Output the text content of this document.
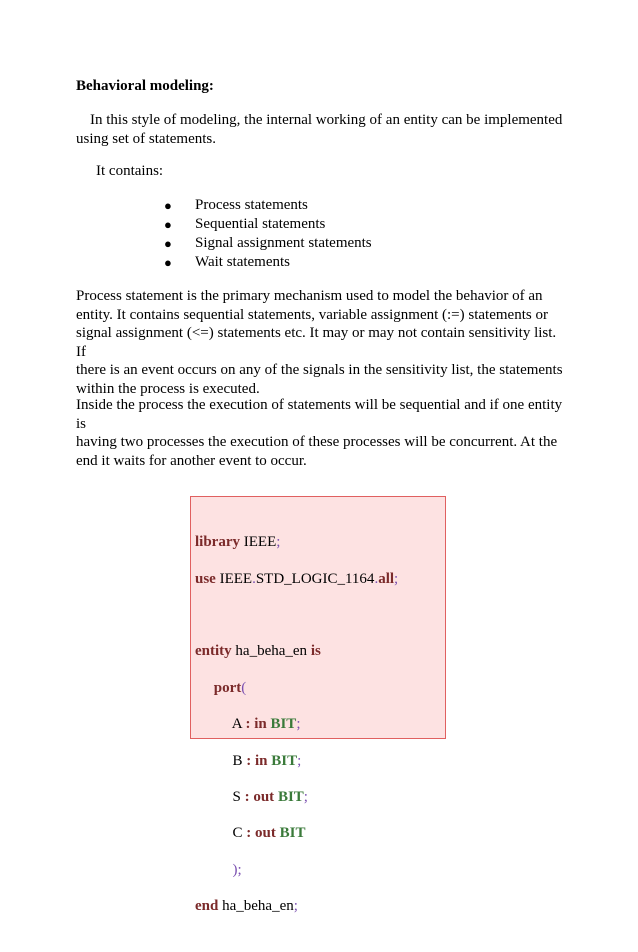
Behavioral modeling:
In this style of modeling, the internal working of an entity can be implemented
using set of statements.
It contains:
● Process statements
● Sequential statements
● Signal assignment statements
● Wait statements
Process statement is the primary mechanism used to model the behavior of an
entity. It contains sequential statements, variable assignment (:=) statements or
signal assignment (<=) statements etc. It may or may not contain sensitivity list. If
there is an event occurs on any of the signals in the sensitivity list, the statements
within the process is executed.
Inside the process the execution of statements will be sequential and if one entity is
having two processes the execution of these processes will be concurrent. At the
end it waits for another event to occur.

library IEEE;

use IEEE.STD_LOGIC_1164.all;

entity ha_beha_en is

port(

A : in BIT;

B : in BIT;

S : out BIT;

C : out BIT

);

end ha_beha_en;
